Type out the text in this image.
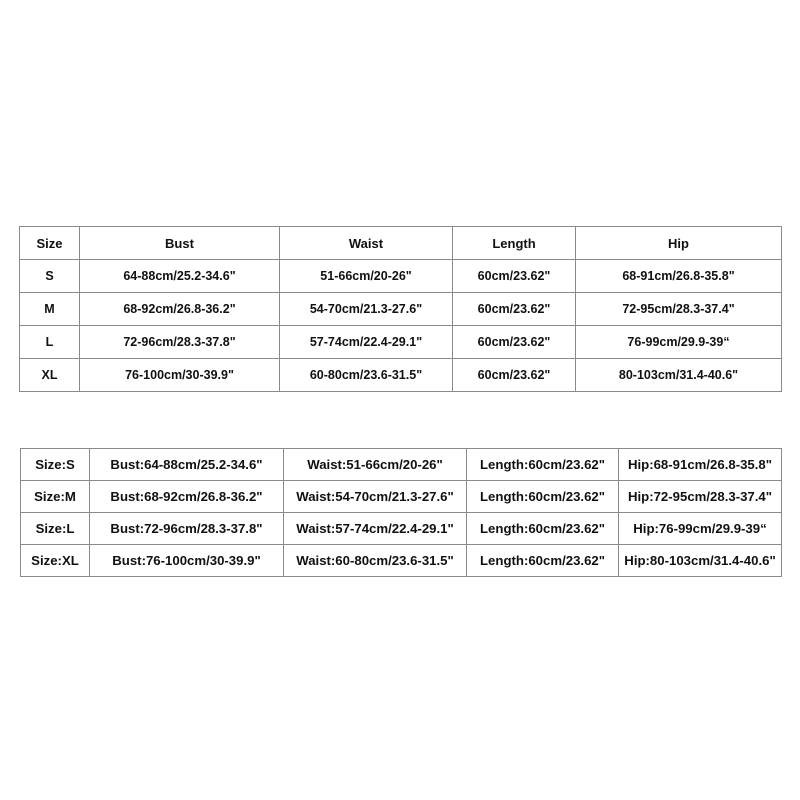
Size	Bust	Waist	Length	Hip
S	64-88cm/25.2-34.6"	51-66cm/20-26"	60cm/23.62"	68-91cm/26.8-35.8"
M	68-92cm/26.8-36.2"	54-70cm/21.3-27.6"	60cm/23.62"	72-95cm/28.3-37.4"
L	72-96cm/28.3-37.8"	57-74cm/22.4-29.1"	60cm/23.62"	76-99cm/29.9-39“
XL	76-100cm/30-39.9"	60-80cm/23.6-31.5"	60cm/23.62"	80-103cm/31.4-40.6"
Size:S	Bust:64-88cm/25.2-34.6"	Waist:51-66cm/20-26"	Length:60cm/23.62"	Hip:68-91cm/26.8-35.8"
Size:M	Bust:68-92cm/26.8-36.2"	Waist:54-70cm/21.3-27.6"	Length:60cm/23.62"	Hip:72-95cm/28.3-37.4"
Size:L	Bust:72-96cm/28.3-37.8"	Waist:57-74cm/22.4-29.1"	Length:60cm/23.62"	Hip:76-99cm/29.9-39“
Size:XL	Bust:76-100cm/30-39.9"	Waist:60-80cm/23.6-31.5"	Length:60cm/23.62"	Hip:80-103cm/31.4-40.6"
